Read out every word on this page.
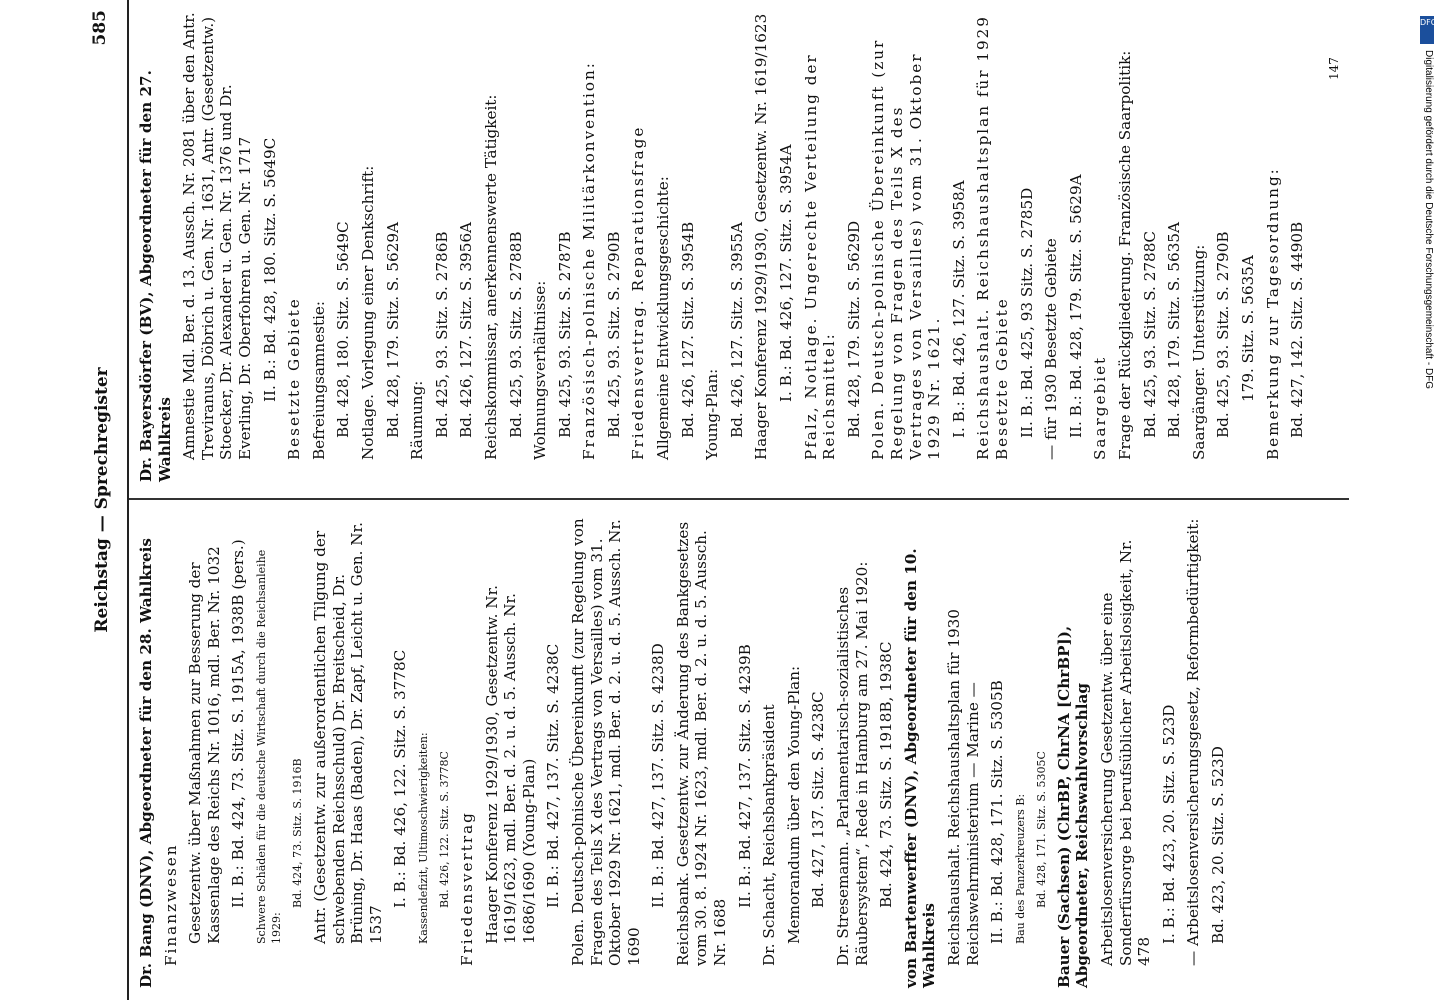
Reichstag — Sprechregister
585
Dr. Bang (DNV), Abgeordneter für den 28. Wahlkreis Finanzwesen Gesetzentw. über Maßnahmen zur Besserung der Kassenlage des Reichs Nr. 1016, mdl. Ber. Nr. 1032 II. B.: Bd. 424, 73. Sitz. S. 1915A, 1938B (pers.) Schwere Schäden für die deutsche Wirtschaft durch die Reichsanleihe 1929:
Bd. 424, 73. Sitz. S. 1916B Antr. (Gesetzentw. zur außerordentlichen Tilgung der schwebenden Reichsschuld) Dr. Breitscheid, Dr. Brüning, Dr. Haas (Baden), Dr. Zapf, Leicht u. Gen. Nr. 1537
I. B.: Bd. 426, 122. Sitz. S. 3778C Kassendefizit, Ultimoschwierigkeiten: Bd. 426, 122. Sitz. S. 3778C Friedensvertrag Haager Konferenz 1929/1930, Gesetzentw. Nr. 1619/1623, mdl. Ber. d. 2. u. d. 5. Aussch. Nr. 1686/1690 (Young-Plan) II. B.: Bd. 427, 137. Sitz. S. 4238C Polen. Deutsch-polnische Übereinkunft (zur Regelung von Fragen des Teils X des Vertrags von Versailles) vom 31. Oktober 1929 Nr. 1621, mdl. Ber. d. 2. u. d. 5. Aussch. Nr. 1690
II. B.: Bd. 427, 137. Sitz. S. 4238D Reichsbank. Gesetzentw. zur Änderung des Bankgesetzes vom 30. 8. 1924 Nr. 1623, mdl. Ber. d. 2. u. d. 5. Aussch. Nr. 1688
II. B.: Bd. 427, 137. Sitz. S. 4239B Dr. Schacht, Reichsbankpräsident Memorandum über den Young-Plan: Bd. 427, 137. Sitz. S. 4238C Dr. Stresemann. „Parlamentarisch-sozialistisches Räubersystem“, Rede in Hamburg am 27. Mai 1920: Bd. 424, 73. Sitz. S. 1918B, 1938C von Bartenwerffer (DNV), Abgeordneter für den 10. Wahlkreis Reichshaushalt. Reichshaushaltsplan für 1930 Reichswehrministerium — Marine — II. B.: Bd. 428, 171. Sitz. S. 5305B Bau des Panzerkreuzers B: Bd. 428, 171. Sitz. S. 5305C Bauer (Sachsen) (ChrBP, ChrNA [ChrBP]), Abgeordneter, Reichswahlvorschlag Arbeitslosenversicherung Gesetzentw. über eine Sonderfürsorge bei berufsüblicher Arbeitslosigkeit, Nr. 478
I. B.: Bd. 423, 20. Sitz. S. 523D — Arbeitslosenversicherungsgesetz, Reformbedürftigkeit: Bd. 423, 20. Sitz. S. 523D
Dr. Bayersdörfer (BV), Abgeordneter für den 27. Wahlkreis Amnestie Mdl. Ber. d. 13. Aussch. Nr. 2081 über den Antr. Treviranus, Döbrich u. Gen. Nr. 1631, Antr. (Gesetzentw.) Stoecker, Dr. Alexander u. Gen. Nr. 1376 und Dr. Everling, Dr. Oberfohren u. Gen. Nr. 1717 II. B.: Bd. 428, 180. Sitz. S. 5649C Besetzte Gebiete Befreiungsamnestie: Bd. 428, 180. Sitz. S. 5649C Notlage. Vorlegung einer Denkschrift: Bd. 428, 179. Sitz. S. 5629A Räumung: Bd. 425, 93. Sitz. S. 2786B Bd. 426, 127. Sitz. S. 3956A Reichskommissar, anerkennenswerte Tätigkeit: Bd. 425, 93. Sitz. S. 2788B Wohnungsverhältnisse: Bd. 425, 93. Sitz. S. 2787B Französisch-polnische Militärkonvention: Bd. 425, 93. Sitz. S. 2790B Friedensvertrag. Reparationsfrage Allgemeine Entwicklungsgeschichte: Bd. 426, 127. Sitz. S. 3954B Young-Plan: Bd. 426, 127. Sitz. S. 3955A Haager Konferenz 1929/1930, Gesetzentw. Nr. 1619/1623 I. B.: Bd. 426, 127. Sitz. S. 3954A Pfalz, Notlage. Ungerechte Verteilung der Reichsmittel: Bd. 428, 179. Sitz. S. 5629D Polen. Deutsch-polnische Übereinkunft (zur Regelung von Fragen des Teils X des Vertrages von Versailles) vom 31. Oktober 1929 Nr. 1621. I. B.: Bd. 426, 127. Sitz. S. 3958A Reichshaushalt. Reichshaushaltsplan für 1929 Besetzte Gebiete II. B.: Bd. 425, 93 Sitz. S. 2785D — für 1930 Besetzte Gebiete II. B.: Bd. 428, 179. Sitz. S. 5629A Saargebiet Frage der Rückgliederung. Französische Saarpolitik: Bd. 425, 93. Sitz. S. 2788C Bd. 428, 179. Sitz. S. 5635A Saargänger. Unterstützung: Bd. 425, 93. Sitz. S. 2790B 179. Sitz. S. 5635A Bemerkung zur Tagesordnung: Bd. 427, 142. Sitz. S. 4490B
147
DFG
Digitalisierung gefördert durch die Deutsche Forschungsgemeinschaft - DFG
